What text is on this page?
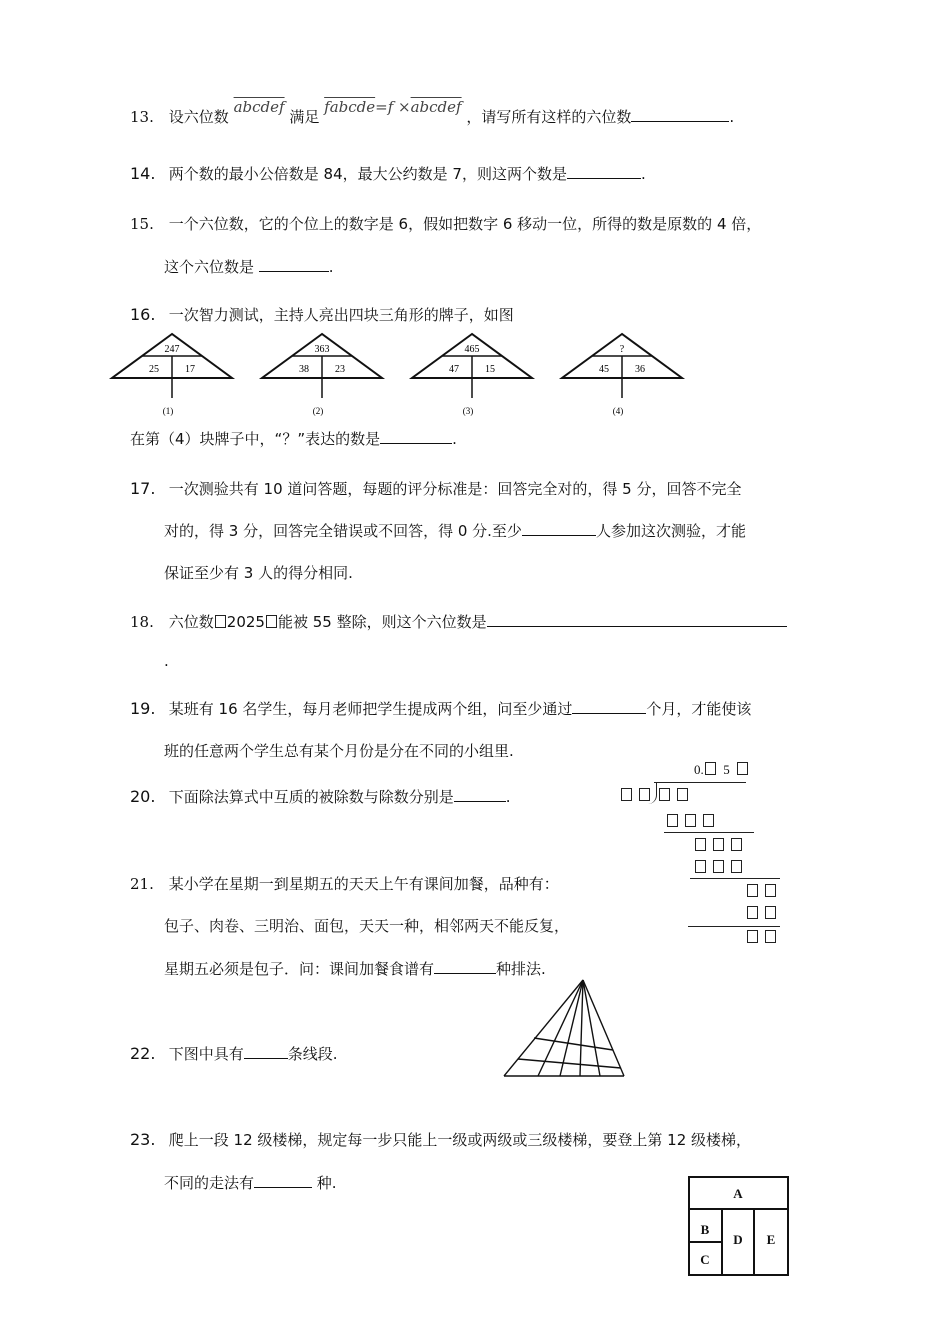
13. 设六位数 abcdef 满足 fabcde=f ×abcdef ，请写所有这样的六位数	.
14. 两个数的最小公倍数是 84，最大公约数是 7，则这两个数是	.
15. 一个六位数，它的个位上的数字是 6，假如把数字 6 移动一位，所得的数是原数的 4 倍，
这个六位数是	.
16. 一次智力测试，主持人亮出四块三角形的牌子，如图
247
25	17
(1)
363
38	23
(2)
465
47	15
(3)
?
45	36
(4)
在第（4）块牌子中，“？”表达的数是	.
17. 一次测验共有 10 道问答题，每题的评分标准是：回答完全对的，得 5 分，回答不完全
对的，得 3 分，回答完全错误或不回答，得 0 分.至少	人参加这次测验，才能
保证至少有 3 人的得分相同.
18. 六位数 2025 能被 55 整除，则这个六位数是
.
19. 某班有 16 名学生，每月老师把学生提成两个组，问至少通过	个月，才能使该
班的任意两个学生总有某个月份是分在不同的小组里.
20. 下面除法算式中互质的被除数与除数分别是	.
0. 5

21. 某小学在星期一到星期五的天天上午有课间加餐，品种有：
包子、肉卷、三明治、面包，天天一种，相邻两天不能反复，
星期五必须是包子．问：课间加餐食谱有	种排法.
22. 下图中具有	条线段.
23. 爬上一段 12 级楼梯，规定每一步只能上一级或两级或三级楼梯，要登上第 12 级楼梯，
不同的走法有	种.
A
B
C
D E
